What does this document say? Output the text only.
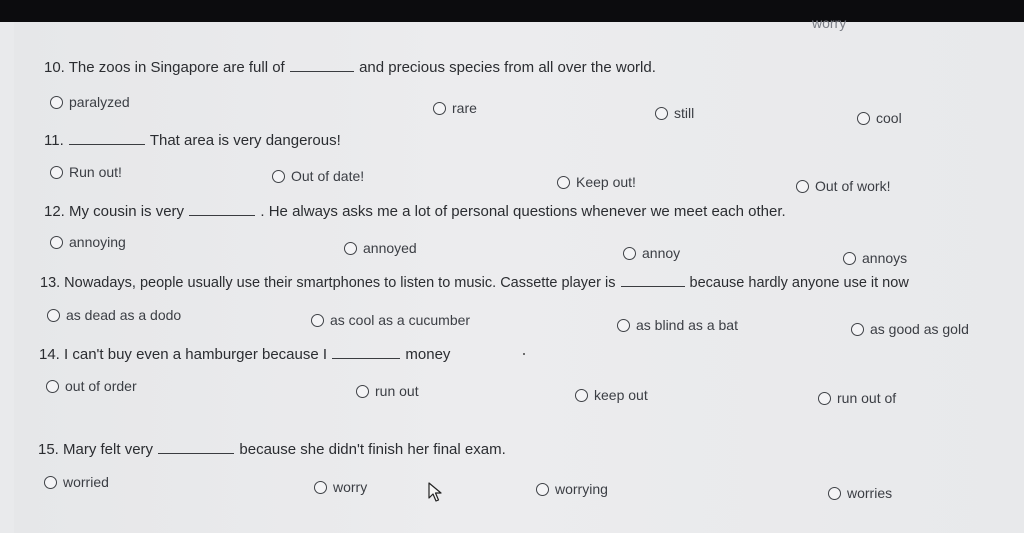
worry
10. The zoos in Singapore are full of	and precious species from all over the world.
paralyzed	rare	still	cool
11.	That area is very dangerous!
Run out!	Out of date!	Keep out!	Out of work!
12. My cousin is very	. He always asks me a lot of personal questions whenever we meet each other.
annoying	annoyed	annoy	annoys
13. Nowadays, people usually use their smartphones to listen to music. Cassette player is	because hardly anyone use it now
as dead as a dodo	as cool as a cucumber	as blind as a bat	as good as gold
14. I can't buy even a hamburger because I	money
out of order	run out	keep out	run out of
15. Mary felt very	because she didn't finish her final exam.
worried	worry	worrying	worries
